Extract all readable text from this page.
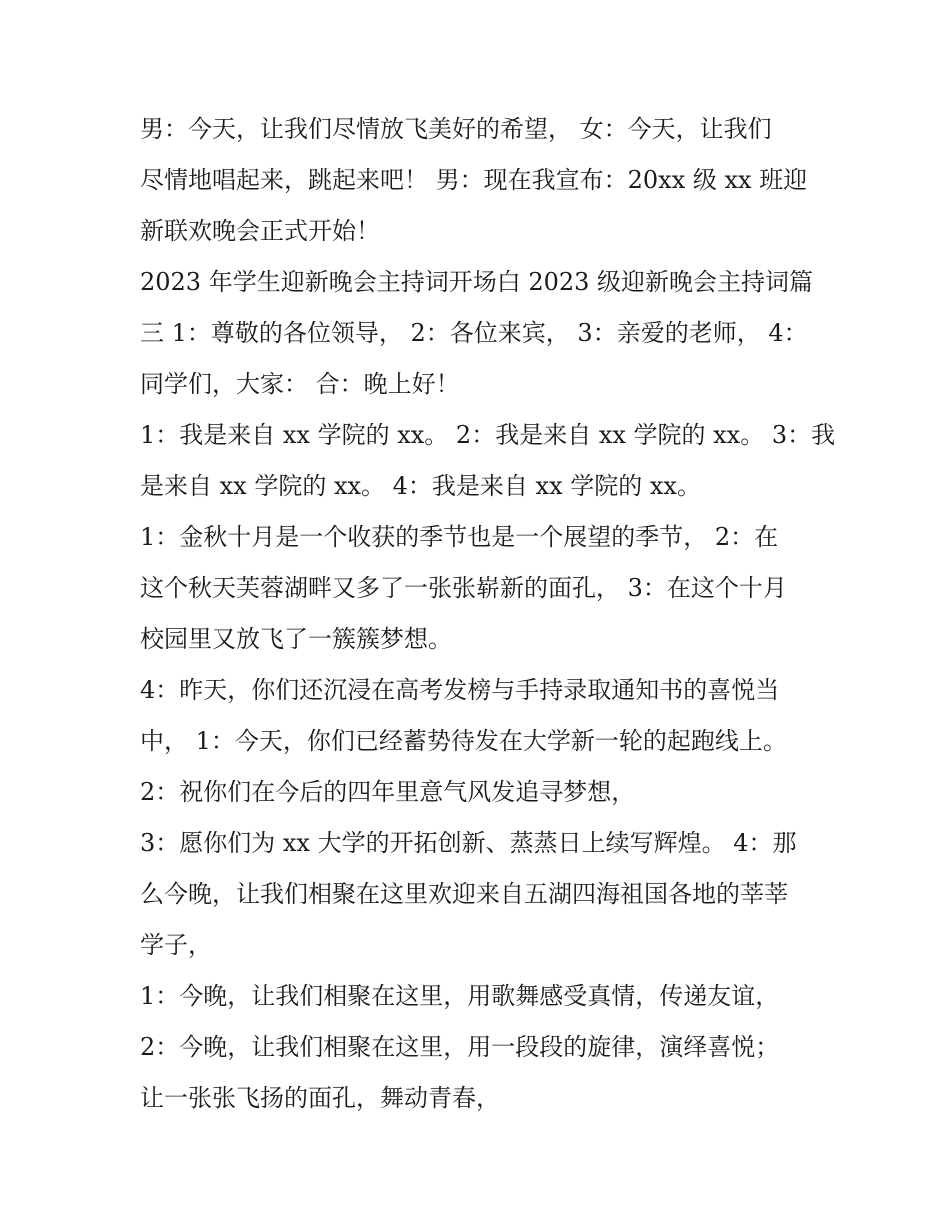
男：今天，让我们尽情放飞美好的希望， 女：今天，让我们
尽情地唱起来，跳起来吧！ 男：现在我宣布：20xx 级 xx 班迎
新联欢晚会正式开始！
2023 年学生迎新晚会主持词开场白 2023 级迎新晚会主持词篇
三 1：尊敬的各位领导， 2：各位来宾， 3：亲爱的老师， 4：
同学们，大家： 合：晚上好！
1：我是来自 xx 学院的 xx。 2：我是来自 xx 学院的 xx。 3：我
是来自 xx 学院的 xx。 4：我是来自 xx 学院的 xx。
1：金秋十月是一个收获的季节也是一个展望的季节， 2：在
这个秋天芙蓉湖畔又多了一张张崭新的面孔， 3：在这个十月
校园里又放飞了一簇簇梦想。
4：昨天，你们还沉浸在高考发榜与手持录取通知书的喜悦当
中， 1：今天，你们已经蓄势待发在大学新一轮的起跑线上。
2：祝你们在今后的四年里意气风发追寻梦想，
3：愿你们为 xx 大学的开拓创新、蒸蒸日上续写辉煌。 4：那
么今晚，让我们相聚在这里欢迎来自五湖四海祖国各地的莘莘
学子，
1：今晚，让我们相聚在这里，用歌舞感受真情，传递友谊，
2：今晚，让我们相聚在这里，用一段段的旋律，演绎喜悦；
让一张张飞扬的面孔，舞动青春，
